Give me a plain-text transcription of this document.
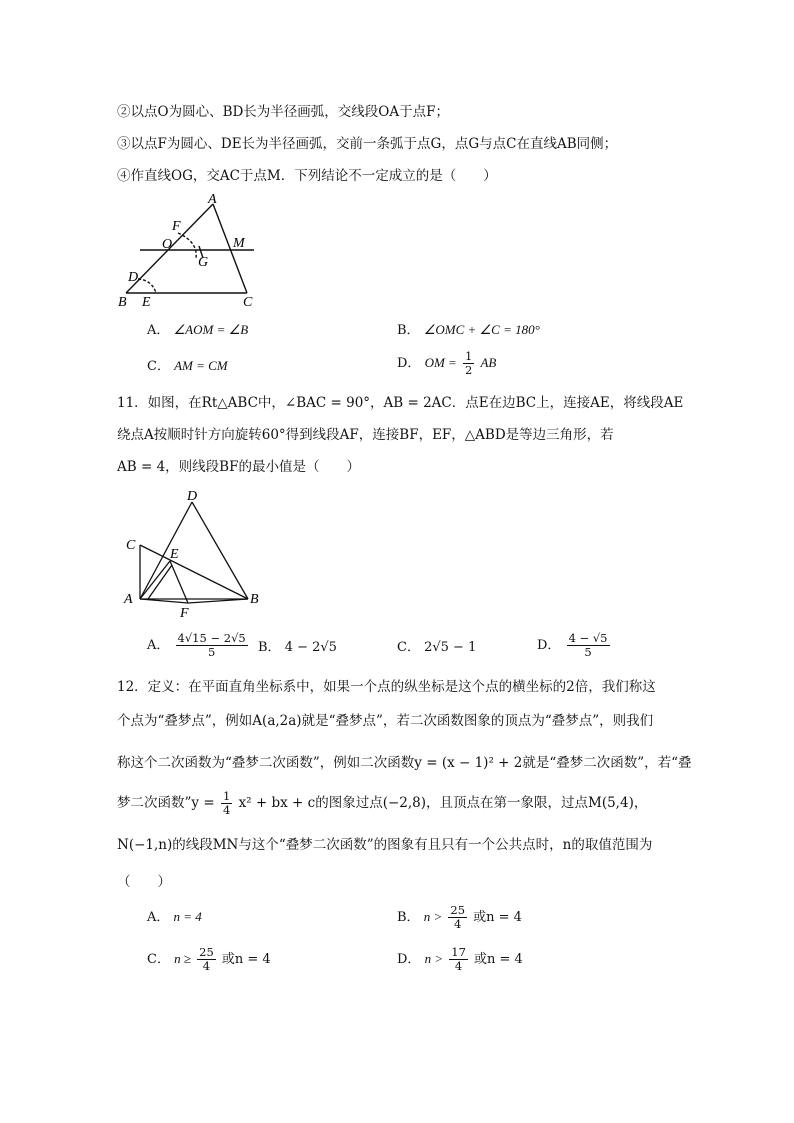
②以点O为圆心、BD长为半径画弧，交线段OA于点F；
③以点F为圆心、DE长为半径画弧，交前一条弧于点G，点G与点C在直线AB同侧；
④作直线OG，交AC于点M．下列结论不一定成立的是（　　）
A
F
O	M
G
D
B E	C
A． ∠AOM = ∠B	B． ∠OMC + ∠C = 180°
C． AM = CM	D． OM = $\frac{1}{2}$ AB
11．如图，在Rt△ABC中，∠BAC = 90°，AB = 2AC．点E在边BC上，连接AE，将线段AE
绕点A按顺时针方向旋转60°得到线段AF，连接BF，EF，△ABD是等边三角形，若
AB = 4，则线段BF的最小值是（　　）
D
C
E
A
F
B
A． $\frac{4√15 - 2√5}{5}$ B． 4 − 2√5	C． 2√5 − 1	D． $\frac{4 - √5}{5}$
12．定义：在平面直角坐标系中，如果一个点的纵坐标是这个点的横坐标的2倍，我们称这
个点为“叠梦点”，例如A(a,2a)就是“叠梦点”，若二次函数图象的顶点为“叠梦点”，则我们
称这个二次函数为“叠梦二次函数”，例如二次函数y = (x − 1)² + 2就是“叠梦二次函数”，若“叠
梦二次函数”y = $\frac{1}{4} x^2$ + bx + c的图象过点(−2,8)，且顶点在第一象限，过点M(5,4)，
N(−1,n)的线段MN与这个“叠梦二次函数”的图象有且只有一个公共点时，n的取值范围为
（　　）
A． n = 4	B． $n > \frac{25}{4}$ 或n = 4
C． $n \ge \frac{25}{4}$ 或n = 4	D． $n > \frac{17}{4}$ 或n = 4
